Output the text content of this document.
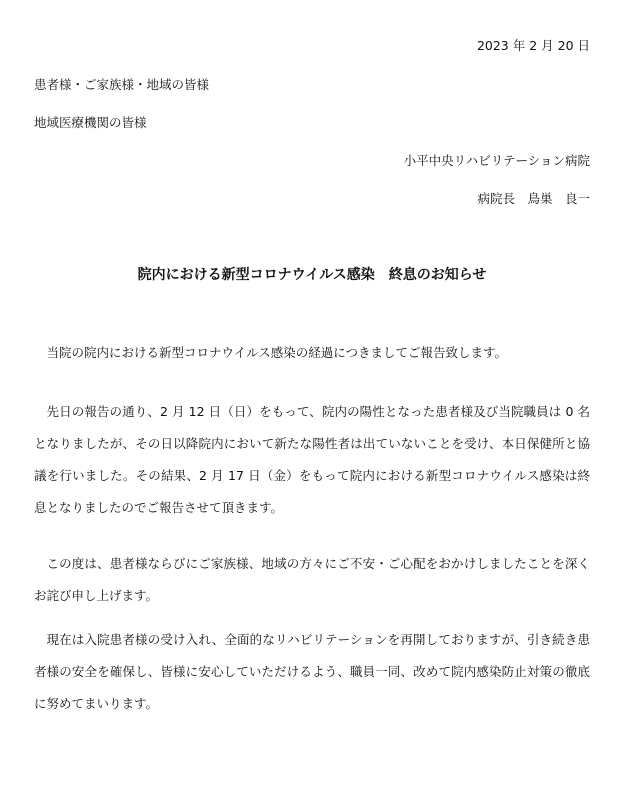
2023 年 2 月 20 日
患者様・ご家族様・地域の皆様
地域医療機関の皆様
小平中央リハビリテーション病院
病院長　鳥巣　良一
院内における新型コロナウイルス感染　終息のお知らせ

当院の院内における新型コロナウイルス感染の経過につきましてご報告致します。

先日の報告の通り、2 月 12 日（日）をもって、院内の陽性となった患者様及び当院職員は 0 名となりましたが、その日以降院内において新たな陽性者は出ていないことを受け、本日保健所と協議を行いました。その結果、2 月 17 日（金）をもって院内における新型コロナウイルス感染は終息となりましたのでご報告させて頂きます。

この度は、患者様ならびにご家族様、地域の方々にご不安・ご心配をおかけしましたことを深くお詫び申し上げます。

現在は入院患者様の受け入れ、全面的なリハビリテーションを再開しておりますが、引き続き患者様の安全を確保し、皆様に安心していただけるよう、職員一同、改めて院内感染防止対策の徹底に努めてまいります。
